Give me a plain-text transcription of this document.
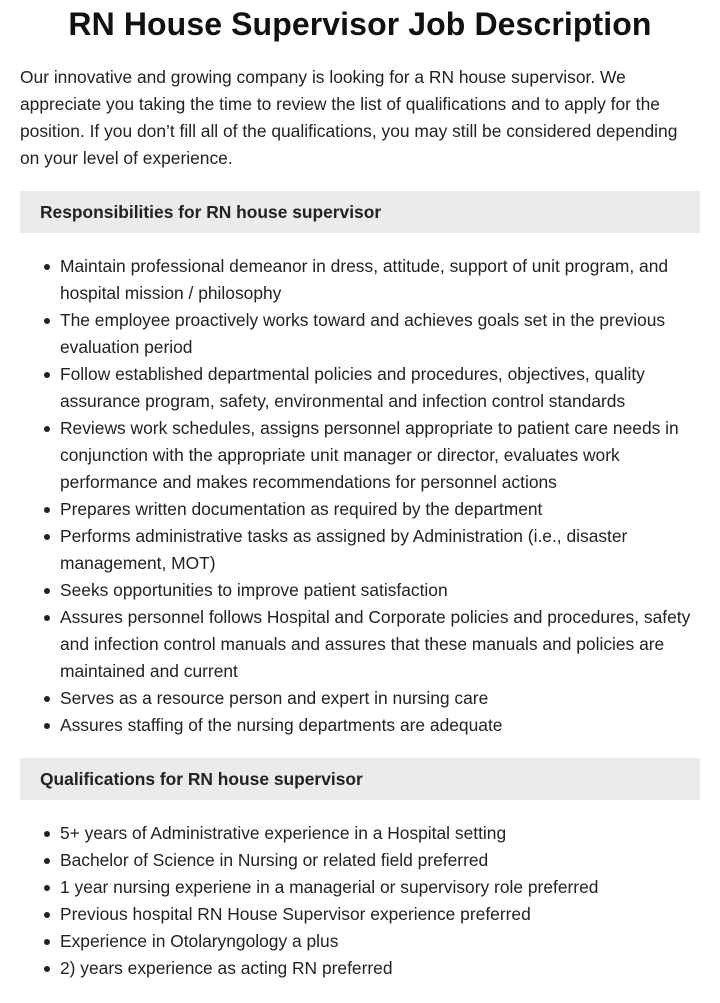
RN House Supervisor Job Description

Our innovative and growing company is looking for a RN house supervisor. We appreciate you taking the time to review the list of qualifications and to apply for the position. If you don’t fill all of the qualifications, you may still be considered depending on your level of experience.

Responsibilities for RN house supervisor
Maintain professional demeanor in dress, attitude, support of unit program, and hospital mission / philosophy
The employee proactively works toward and achieves goals set in the previous evaluation period
Follow established departmental policies and procedures, objectives, quality assurance program, safety, environmental and infection control standards
Reviews work schedules, assigns personnel appropriate to patient care needs in conjunction with the appropriate unit manager or director, evaluates work performance and makes recommendations for personnel actions
Prepares written documentation as required by the department
Performs administrative tasks as assigned by Administration (i.e., disaster management, MOT)
Seeks opportunities to improve patient satisfaction
Assures personnel follows Hospital and Corporate policies and procedures, safety and infection control manuals and assures that these manuals and policies are maintained and current
Serves as a resource person and expert in nursing care
Assures staffing of the nursing departments are adequate
Qualifications for RN house supervisor
5+ years of Administrative experience in a Hospital setting
Bachelor of Science in Nursing or related field preferred
1 year nursing experiene in a managerial or supervisory role preferred
Previous hospital RN House Supervisor experience preferred
Experience in Otolaryngology a plus
2) years experience as acting RN preferred
